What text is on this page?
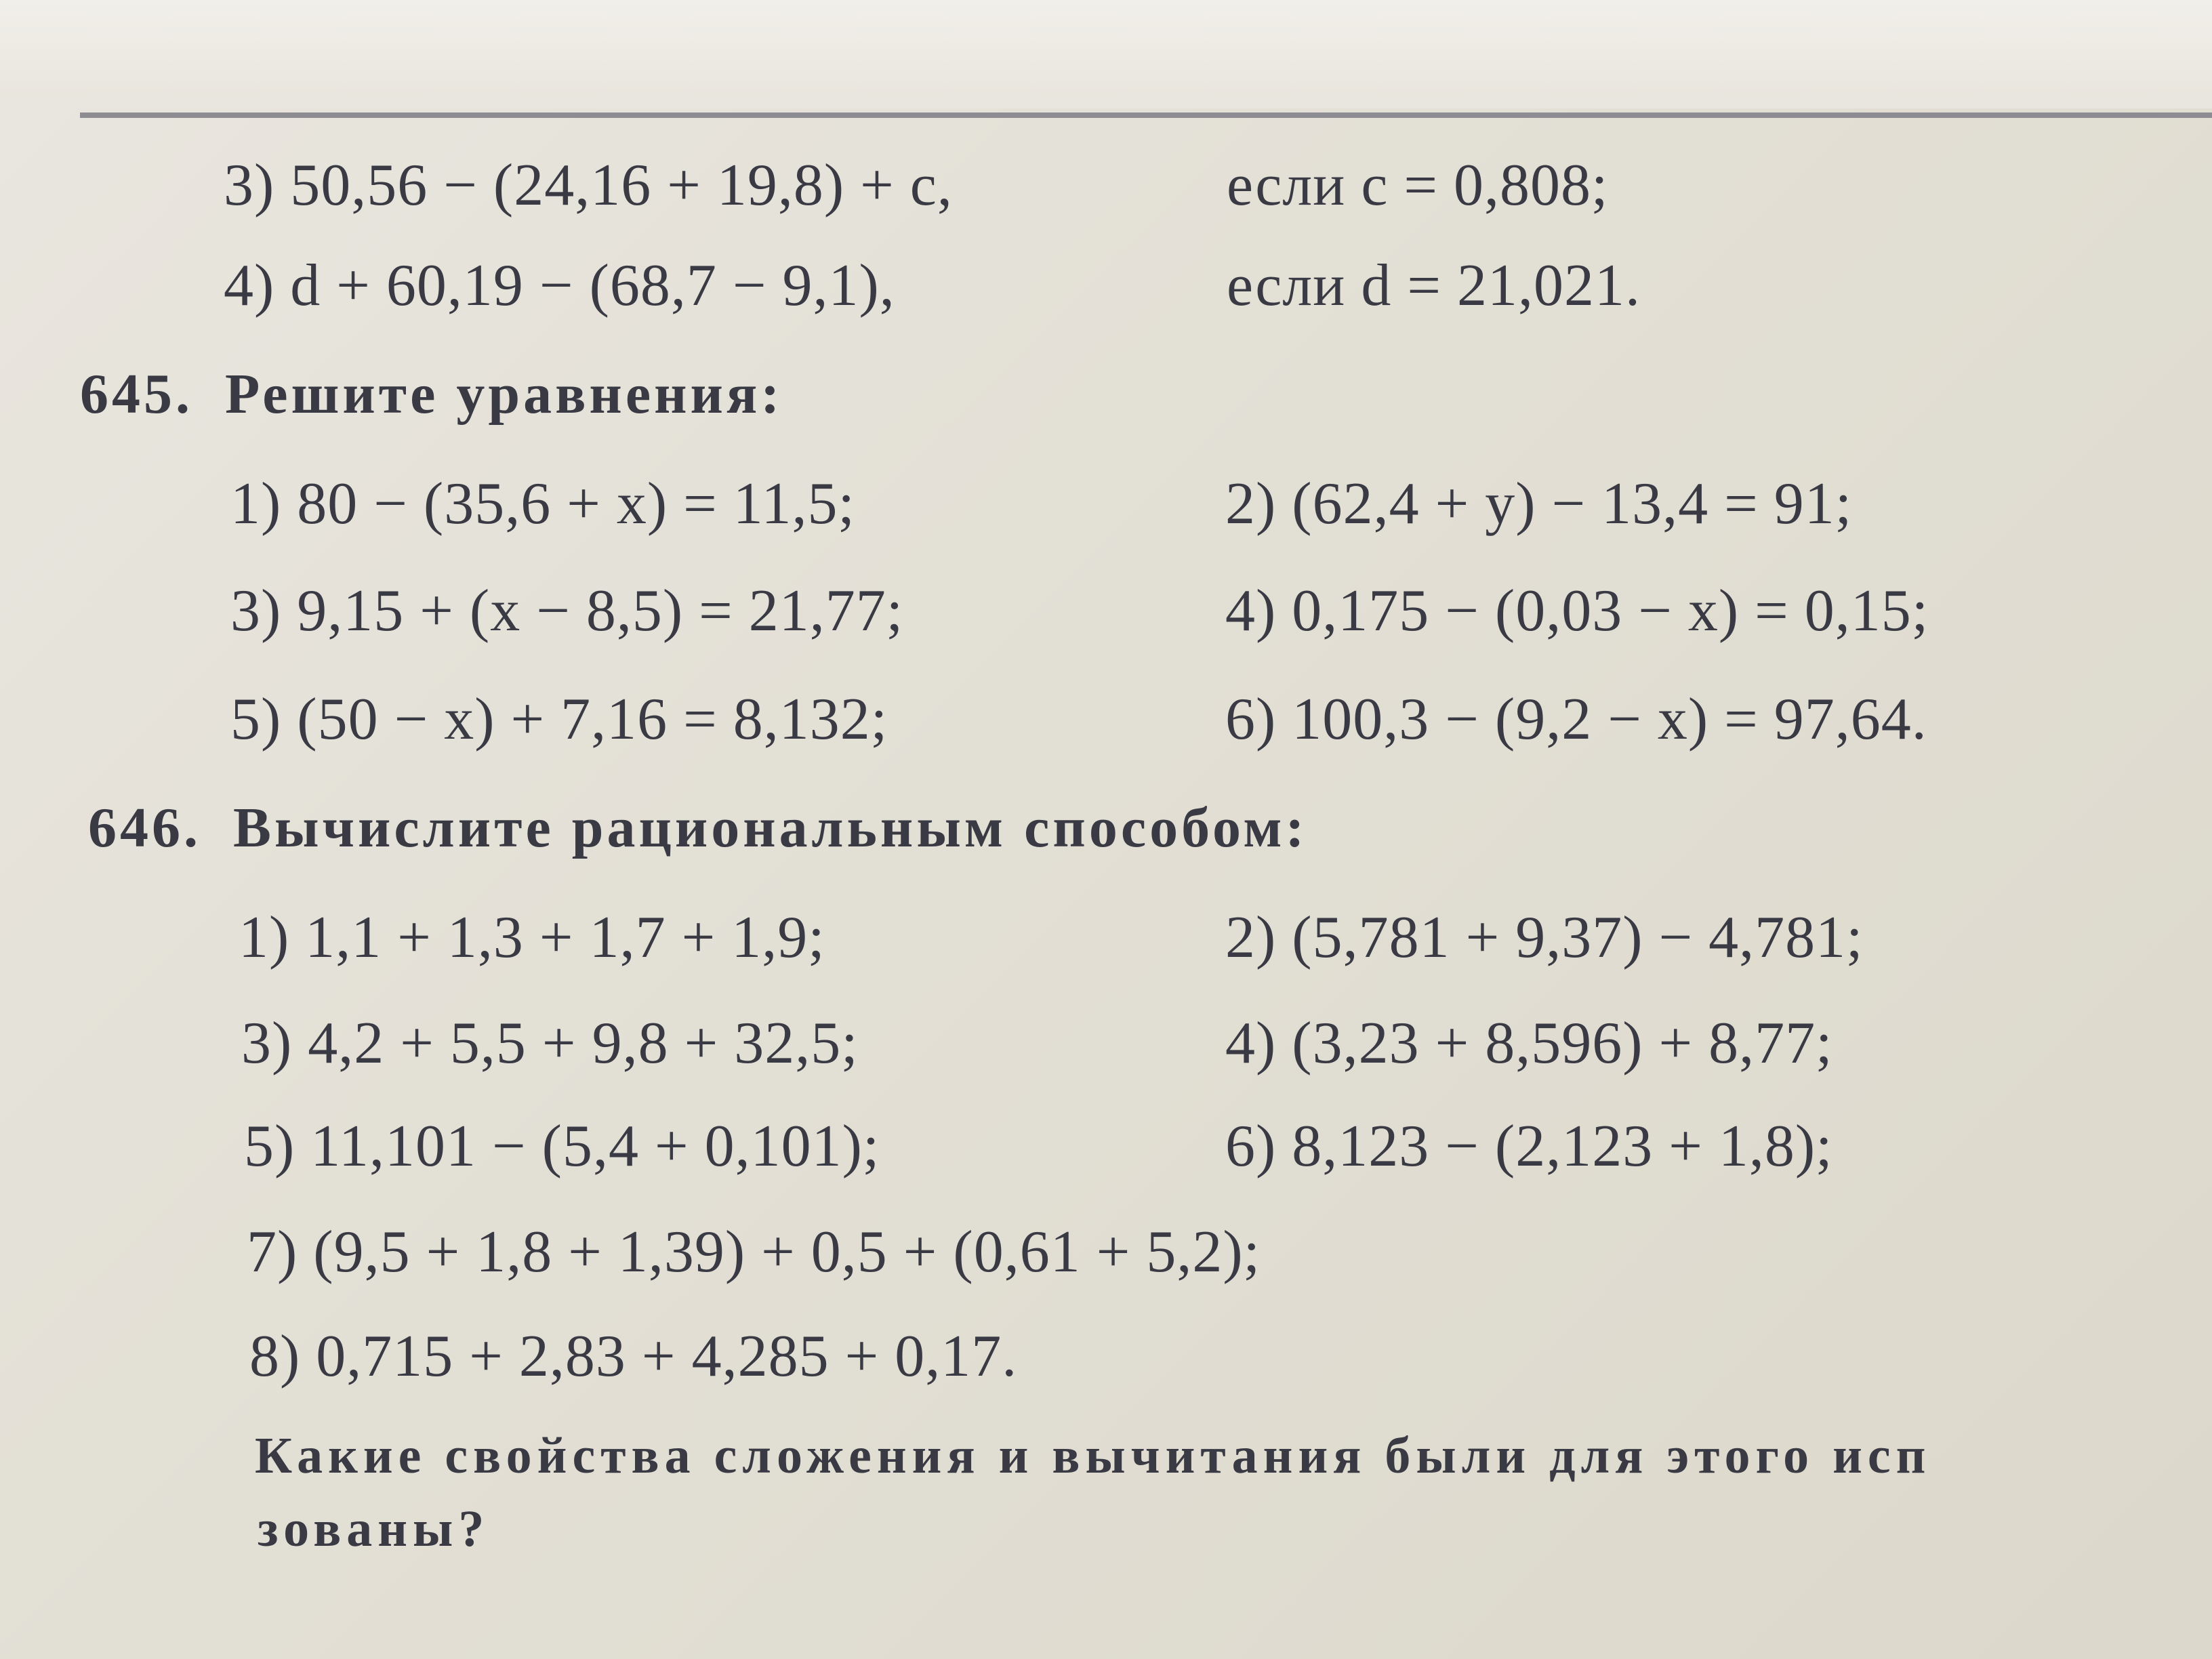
3) 50,56 − (24,16 + 19,8) + c,	если c = 0,808;
4) d + 60,19 − (68,7 − 9,1),	если d = 21,021.
645. Решите уравнения:
1) 80 − (35,6 + x) = 11,5;	2) (62,4 + y) − 13,4 = 91;
3) 9,15 + (x − 8,5) = 21,77;	4) 0,175 − (0,03 − x) = 0,15;
5) (50 − x) + 7,16 = 8,132;	6) 100,3 − (9,2 − x) = 97,64.
646. Вычислите рациональным способом:
1) 1,1 + 1,3 + 1,7 + 1,9;	2) (5,781 + 9,37) − 4,781;
3) 4,2 + 5,5 + 9,8 + 32,5;	4) (3,23 + 8,596) + 8,77;
5) 11,101 − (5,4 + 0,101);	6) 8,123 − (2,123 + 1,8);
7) (9,5 + 1,8 + 1,39) + 0,5 + (0,61 + 5,2);
8) 0,715 + 2,83 + 4,285 + 0,17.
Какие свойства сложения и вычитания были для этого исп
зованы?
